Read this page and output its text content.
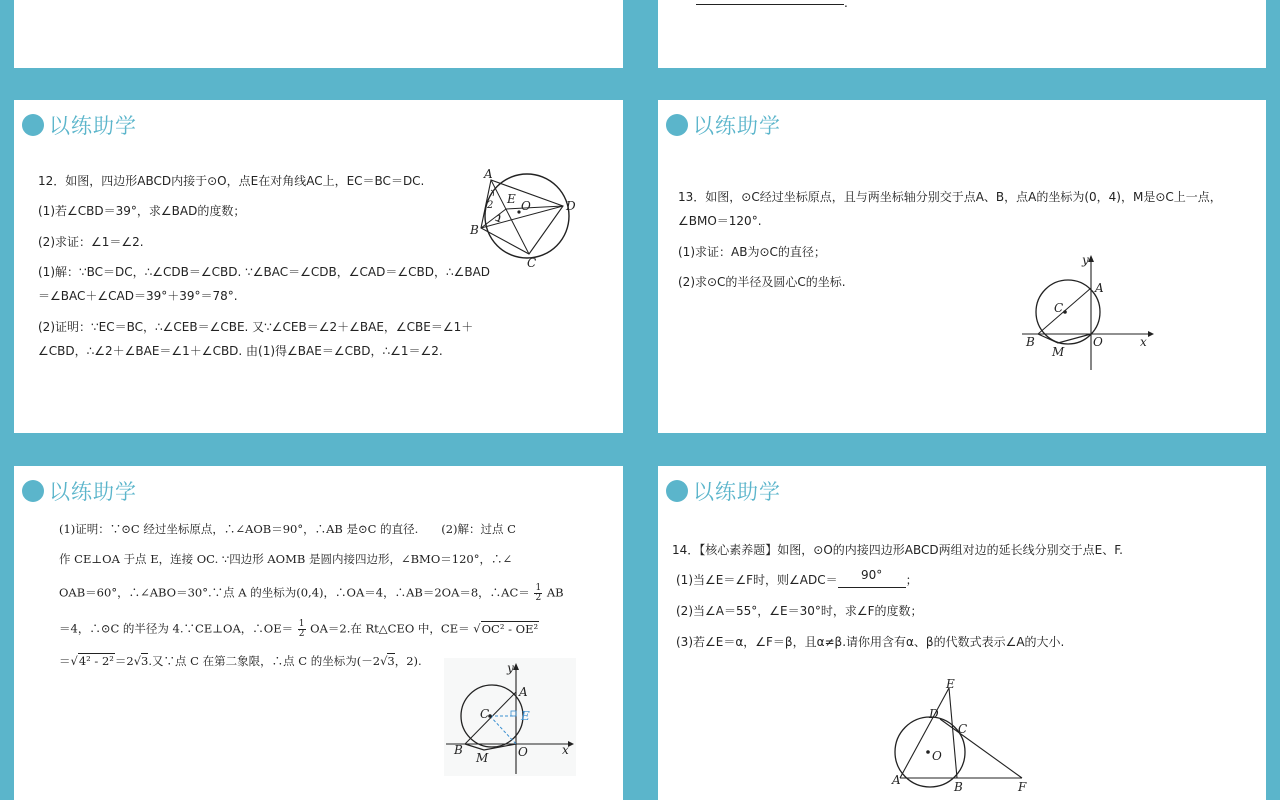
.
以练助学
12．如图，四边形ABCD内接于⊙O，点E在对角线AC上，EC＝BC＝DC.
(1)若∠CBD＝39°，求∠BAD的度数；
(2)求证：∠1＝∠2.
(1)解：∵BC＝DC，∴∠CDB＝∠CBD. ∵∠BAC＝∠CDB，∠CAD＝∠CBD，∴∠BAD
＝∠BAC＋∠CAD＝39°＋39°＝78°.
(2)证明：∵EC＝BC，∴∠CEB＝∠CBE. 又∵∠CEB＝∠2＋∠BAE，∠CBE＝∠1＋
∠CBD，∴∠2＋∠BAE＝∠1＋∠CBD. 由(1)得∠BAE＝∠CBD，∴∠1＝∠2.
A
B
C
D
E O
1
2
以练助学
13．如图，⊙C经过坐标原点，且与两坐标轴分别交于点A、B，点A的坐标为(0，4)，M是⊙C上一点，
∠BMO＝120°.
(1)求证：AB为⊙C的直径；
(2)求⊙C的半径及圆心C的坐标.
y
x
A
B
C
M
O
以练助学
(1)证明：∵⊙C 经过坐标原点，∴∠AOB＝90°，∴AB 是⊙C 的直径.　　(2)解：过点 C
作 CE⊥OA 于点 E，连接 OC. ∵四边形 AOMB 是圆内接四边形，∠BMO＝120°，∴∠
OAB＝60°，∴∠ABO＝30°.∵点 A 的坐标为(0,4)，∴OA＝4，∴AB＝2OA＝8，∴AC＝ $\frac{1}{2}$ AB
＝4，∴⊙C 的半径为 4.∵CE⊥OA，∴OE＝ $\frac{1}{2} OA=2$.在 Rt△CEO 中，CE＝ √OC² - OE²
＝√4² - 2²＝2√3.又∵点 C 在第二象限，∴点 C 的坐标为(－2√3，2).	y
x
A
B
C	E
M O
以练助学
14．【核心素养题】如图，⊙O的内接四边形ABCD两组对边的延长线分别交于点E、F.
(1)当∠E＝∠F时，则∠ADC＝ 90° ；
(2)当∠A＝55°，∠E＝30°时，求∠F的度数；
(3)若∠E＝α，∠F＝β，且α≠β.请你用含有α、β的代数式表示∠A的大小.
A	B
C
D
E
F
O
